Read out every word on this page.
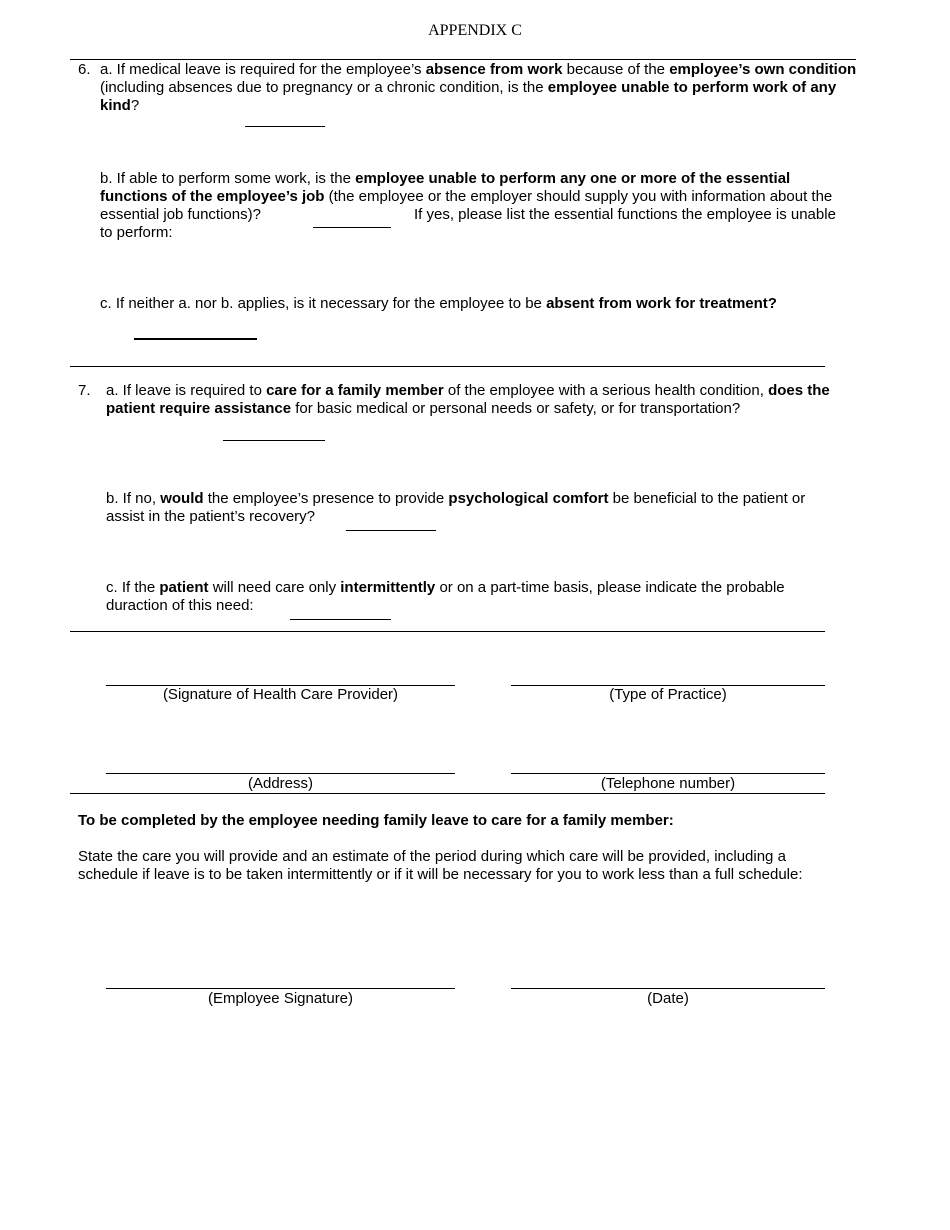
APPENDIX C
6. a. If medical leave is required for the employee’s absence from work because of the employee’s own condition (including absences due to pregnancy or a chronic condition, is the employee unable to perform work of any kind?
b. If able to perform some work, is the employee unable to perform any one or more of the essential functions of the employee’s job (the employee or the employer should supply you with information about the essential job functions)?	If yes, please list the essential functions the employee is unable to perform:
c. If neither a. nor b. applies, is it necessary for the employee to be absent from work for treatment?
7. a. If leave is required to care for a family member of the employee with a serious health condition, does the patient require assistance for basic medical or personal needs or safety, or for transportation?
b. If no, would the employee’s presence to provide psychological comfort be beneficial to the patient or assist in the patient’s recovery?
c. If the patient will need care only intermittently or on a part-time basis, please indicate the probable duraction of this need:
(Signature of Health Care Provider)	(Type of Practice)
(Address)	(Telephone number)
To be completed by the employee needing family leave to care for a family member:
State the care you will provide and an estimate of the period during which care will be provided, including a schedule if leave is to be taken intermittently or if it will be necessary for you to work less than a full schedule:
(Employee Signature)	(Date)
